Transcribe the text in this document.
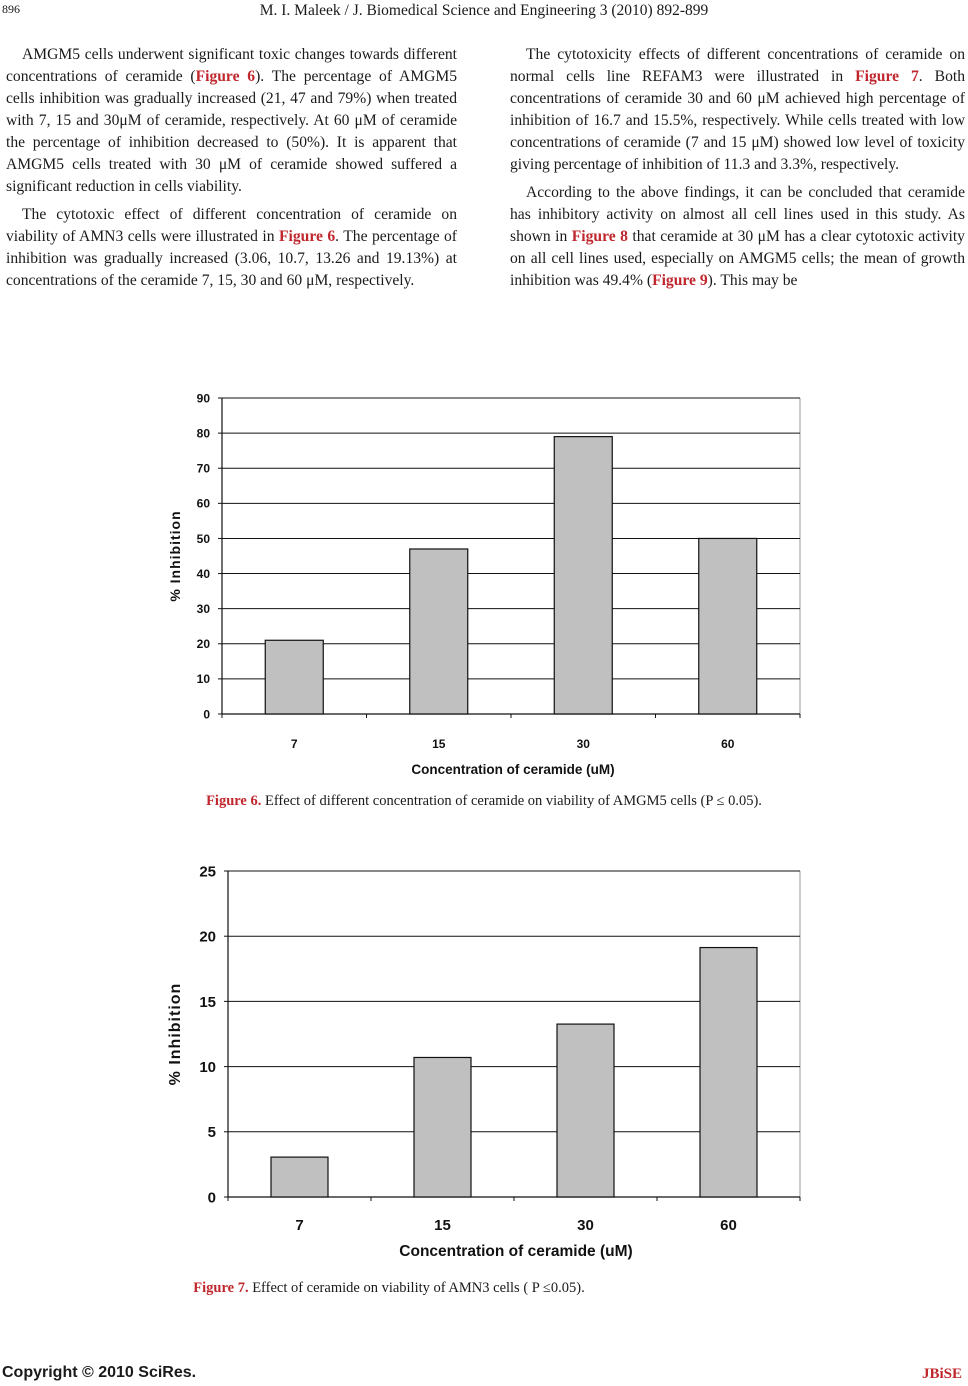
896	M. I. Maleek / J. Biomedical Science and Engineering 3 (2010) 892-899

AMGM5 cells underwent significant toxic changes towards different concentrations of ceramide (Figure 6). The percentage of AMGM5 cells inhibition was gradually increased (21, 47 and 79%) when treated with 7, 15 and 30μM of ceramide, respectively. At 60 μM of ceramide the percentage of inhibition decreased to (50%). It is apparent that AMGM5 cells treated with 30 μM of ceramide showed suffered a significant reduction in cells viability.

The cytotoxic effect of different concentration of ceramide on viability of AMN3 cells were illustrated in Figure 6. The percentage of inhibition was gradually increased (3.06, 10.7, 13.26 and 19.13%) at concentrations of the ceramide 7, 15, 30 and 60 μM, respectively.

The cytotoxicity effects of different concentrations of ceramide on normal cells line REFAM3 were illustrated in Figure 7. Both concentrations of ceramide 30 and 60 μM achieved high percentage of inhibition of 16.7 and 15.5%, respectively. While cells treated with low concentrations of ceramide (7 and 15 μM) showed low level of toxicity giving percentage of inhibition of 11.3 and 3.3%, respectively.

According to the above findings, it can be concluded that ceramide has inhibitory activity on almost all cell lines used in this study. As shown in Figure 8 that ceramide at 30 μM has a clear cytotoxic activity on all cell lines used, especially on AMGM5 cells; the mean of growth inhibition was 49.4% (Figure 9). This may be

0
10
20
30
40
50
60
70
80
90
7	15	30	60
Concentration of ceramide (uM)
% Inhibition
Figure 6. Effect of different concentration of ceramide on viability of AMGM5 cells (P ≤ 0.05).
0
5
10
15
20
25
7	15	30	60
Concentration of ceramide (uM)
% Inhibition
Figure 7. Effect of ceramide on viability of AMN3 cells ( P ≤0.05).
Copyright © 2010 SciRes.	JBiSE
